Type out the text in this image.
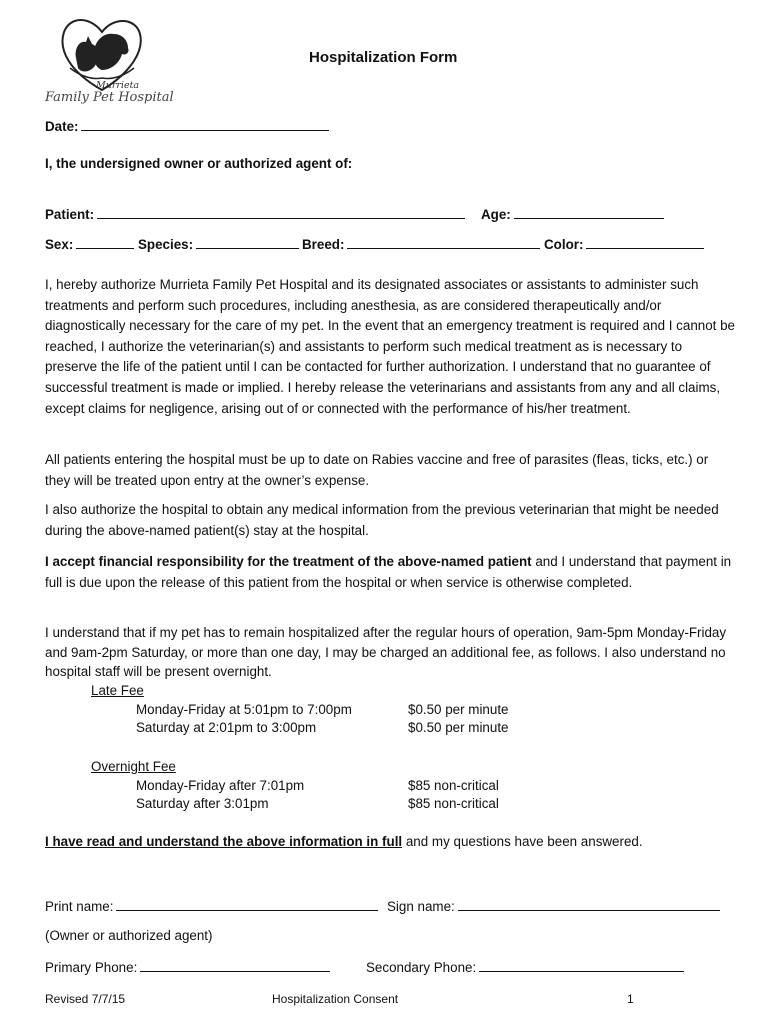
Murrieta
Family Pet Hospital
Hospitalization Form
Date:
I, the undersigned owner or authorized agent of:
Patient:	Age:
Sex:	Species:	Breed:	Color:
I, hereby authorize Murrieta Family Pet Hospital and its designated associates or assistants to administer such treatments and perform such procedures, including anesthesia, as are considered therapeutically and/or diagnostically necessary for the care of my pet. In the event that an emergency treatment is required and I cannot be reached, I authorize the veterinarian(s) and assistants to perform such medical treatment as is necessary to preserve the life of the patient until I can be contacted for further authorization. I understand that no guarantee of successful treatment is made or implied. I hereby release the veterinarians and assistants from any and all claims, except claims for negligence, arising out of or connected with the performance of his/her treatment.
All patients entering the hospital must be up to date on Rabies vaccine and free of parasites (fleas, ticks, etc.) or they will be treated upon entry at the owner’s expense.
I also authorize the hospital to obtain any medical information from the previous veterinarian that might be needed during the above-named patient(s) stay at the hospital.
I accept financial responsibility for the treatment of the above-named patient and I understand that payment in full is due upon the release of this patient from the hospital or when service is otherwise completed.
I understand that if my pet has to remain hospitalized after the regular hours of operation, 9am-5pm Monday-Friday and 9am-2pm Saturday, or more than one day, I may be charged an additional fee, as follows. I also understand no hospital staff will be present overnight.
Late Fee
Monday-Friday at 5:01pm to 7:00pm	$0.50 per minute
Saturday at 2:01pm to 3:00pm	$0.50 per minute
Overnight Fee
Monday-Friday after 7:01pm	$85 non-critical
Saturday after 3:01pm	$85 non-critical
I have read and understand the above information in full and my questions have been answered.
Print name:	Sign name:
(Owner or authorized agent)
Primary Phone:	Secondary Phone:
Revised 7/7/15	Hospitalization Consent	1
